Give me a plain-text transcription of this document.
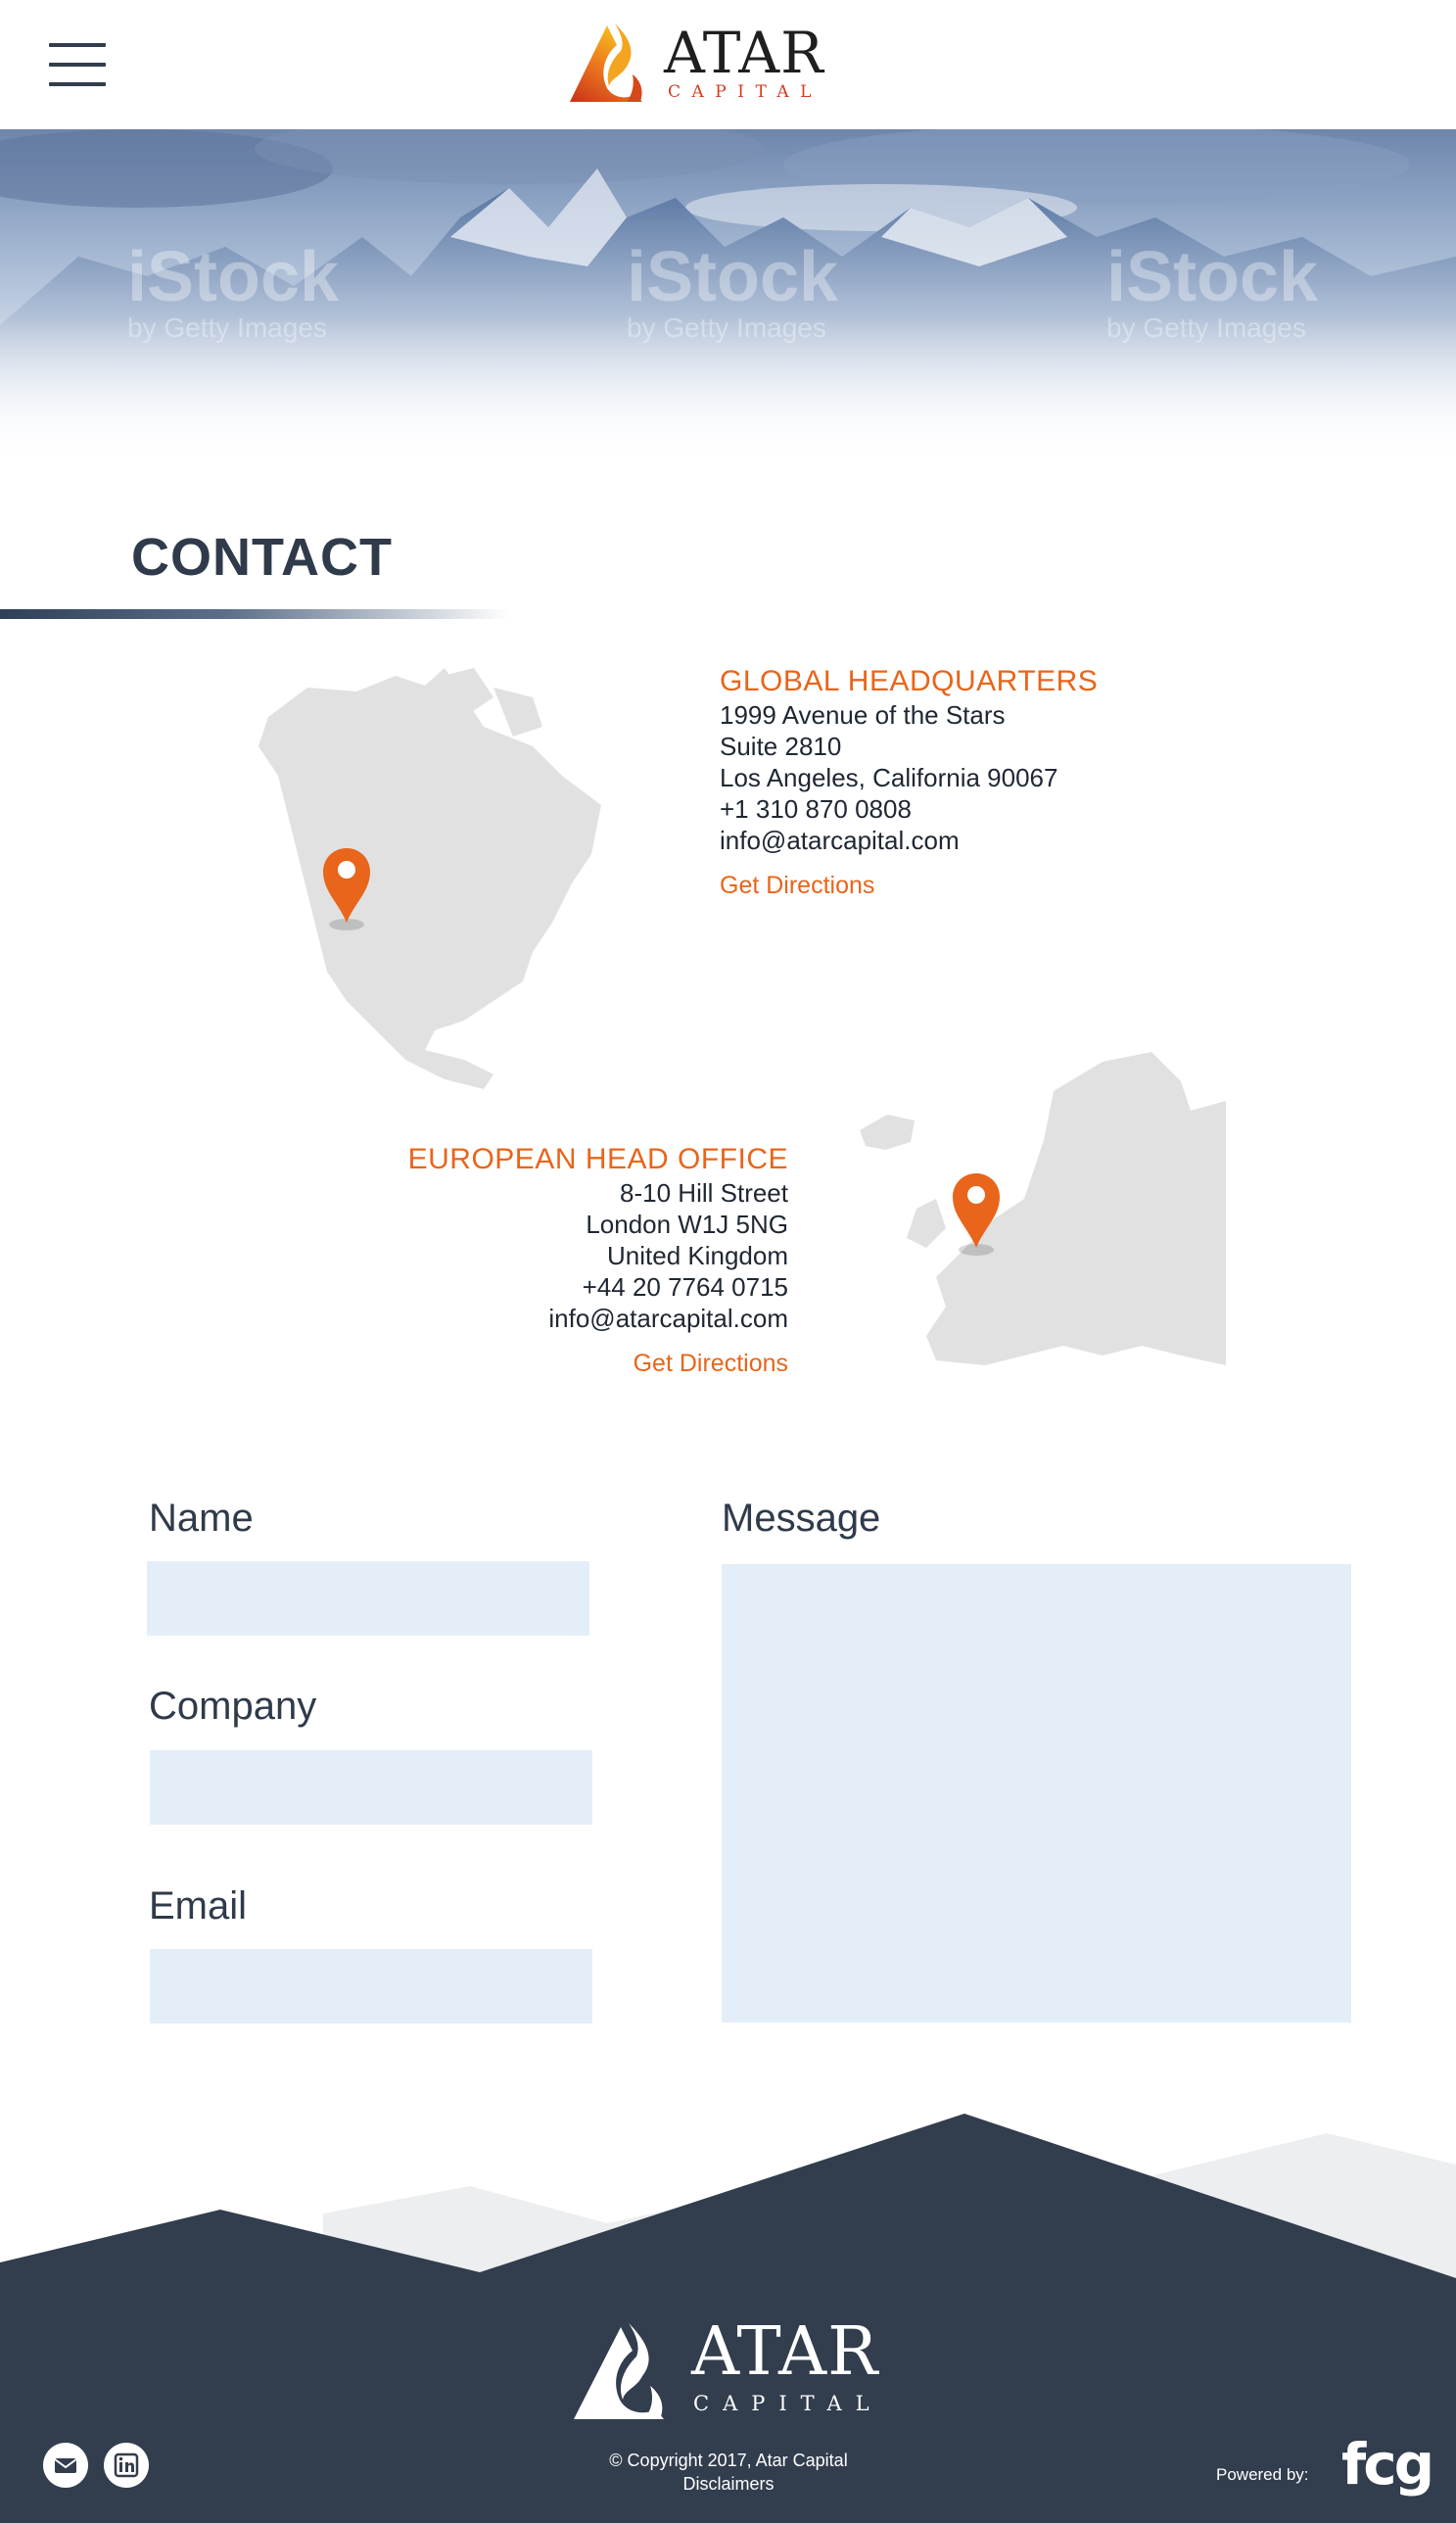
ATAR
CAPITAL
iStock	iStock	iStock
by Getty Images	by Getty Images	by Getty Images
CONTACT
GLOBAL HEADQUARTERS
1999 Avenue of the Stars
Suite 2810
Los Angeles, California 90067
+1 310 870 0808
info@atarcapital.com
Get Directions
EUROPEAN HEAD OFFICE
8-10 Hill Street
London W1J 5NG
United Kingdom
+44 20 7764 0715
info@atarcapital.com
Get Directions
Name
Company
Email
Message
ATAR
CAPITAL
© Copyright 2017, Atar Capital
Disclaimers	Powered by: fcg
